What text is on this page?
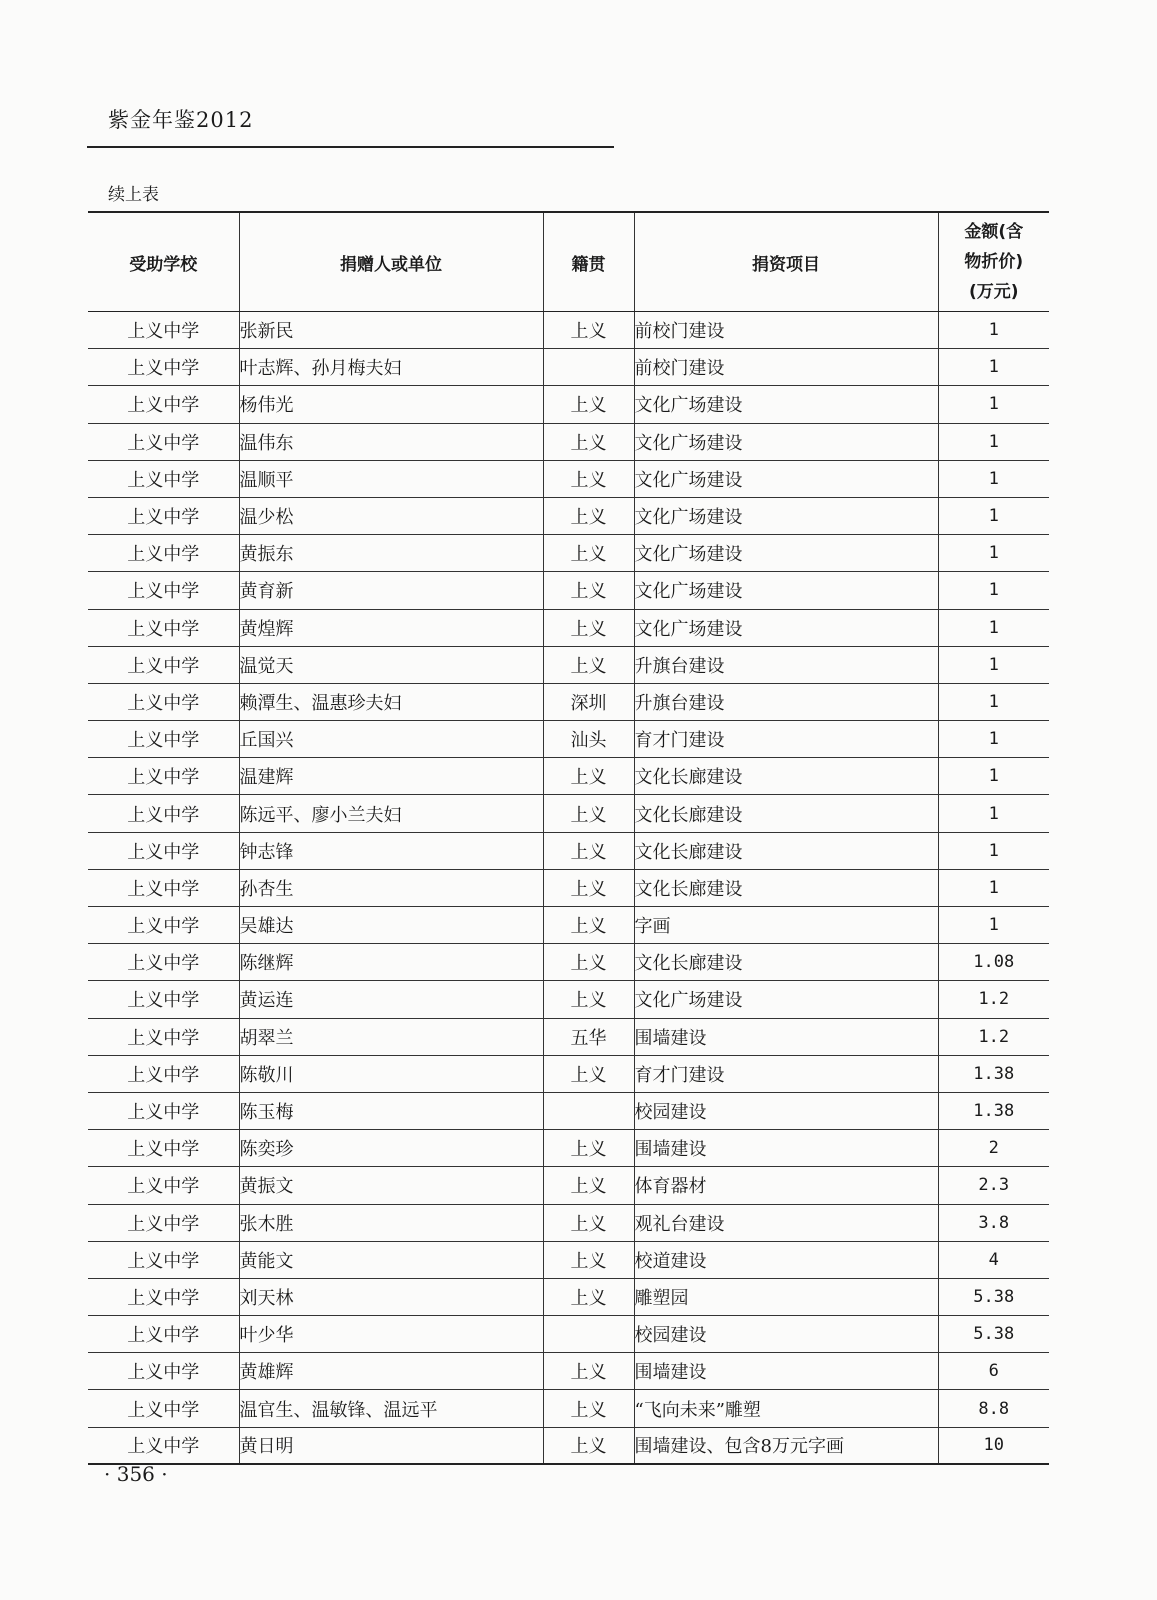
紫金年鉴2012
续上表
受助学校	捐赠人或单位	籍贯	捐资项目	金额(含
物折价)
(万元)

上义中学	张新民	上义	前校门建设	1
上义中学	叶志辉、孙月梅夫妇		前校门建设	1
上义中学	杨伟光	上义	文化广场建设	1
上义中学	温伟东	上义	文化广场建设	1
上义中学	温顺平	上义	文化广场建设	1
上义中学	温少松	上义	文化广场建设	1
上义中学	黄振东	上义	文化广场建设	1
上义中学	黄育新	上义	文化广场建设	1
上义中学	黄煌辉	上义	文化广场建设	1
上义中学	温觉天	上义	升旗台建设	1
上义中学	赖潭生、温惠珍夫妇	深圳	升旗台建设	1
上义中学	丘国兴	汕头	育才门建设	1
上义中学	温建辉	上义	文化长廊建设	1
上义中学	陈远平、廖小兰夫妇	上义	文化长廊建设	1
上义中学	钟志锋	上义	文化长廊建设	1
上义中学	孙杏生	上义	文化长廊建设	1
上义中学	吴雄达	上义	字画	1
上义中学	陈继辉	上义	文化长廊建设	1.08
上义中学	黄运连	上义	文化广场建设	1.2
上义中学	胡翠兰	五华	围墙建设	1.2
上义中学	陈敬川	上义	育才门建设	1.38
上义中学	陈玉梅		校园建设	1.38
上义中学	陈奕珍	上义	围墙建设	2
上义中学	黄振文	上义	体育器材	2.3
上义中学	张木胜	上义	观礼台建设	3.8
上义中学	黄能文	上义	校道建设	4
上义中学	刘天林	上义	雕塑园	5.38
上义中学	叶少华		校园建设	5.38
上义中学	黄雄辉	上义	围墙建设	6
上义中学	温官生、温敏锋、温远平	上义	“飞向未来”雕塑	8.8
上义中学	黄日明	上义	围墙建设、包含8万元字画	10
· 356 ·
